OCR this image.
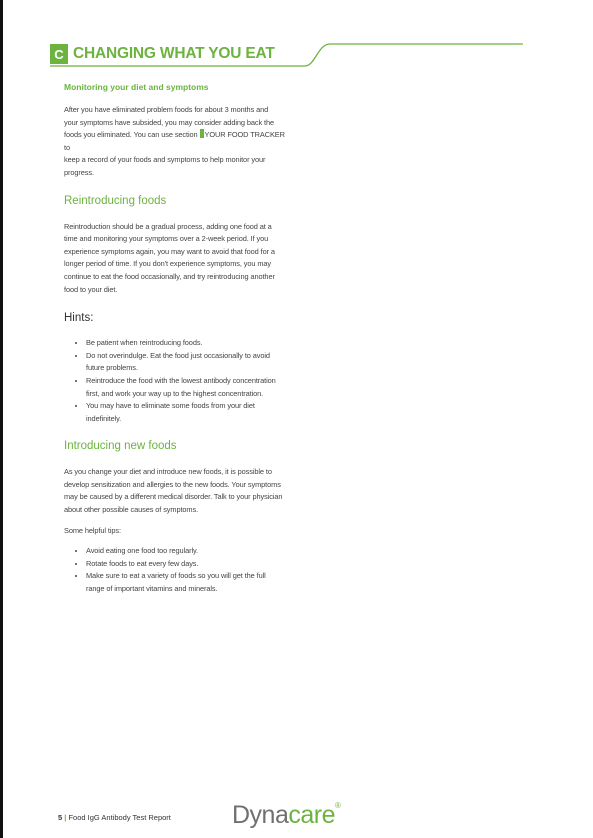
C CHANGING WHAT YOU EAT
Monitoring your diet and symptoms

After you have eliminated problem foods for about 3 months and
your symptoms have subsided, you may consider adding back the
foods you eliminated. You can use section YOUR FOOD TRACKER to
keep a record of your foods and symptoms to help monitor your
progress.

Reintroducing foods

Reintroduction should be a gradual process, adding one food at a
time and monitoring your symptoms over a 2-week period. If you
experience symptoms again, you may want to avoid that food for a
longer period of time. If you don't experience symptoms, you may
continue to eat the food occasionally, and try reintroducing another
food to your diet.

Hints:
• Be patient when reintroducing foods.
• Do not overindulge. Eat the food just occasionally to avoid
future problems.
• Reintroduce the food with the lowest antibody concentration
first, and work your way up to the highest concentration.
• You may have to eliminate some foods from your diet
indefinitely.
Introducing new foods

As you change your diet and introduce new foods, it is possible to
develop sensitization and allergies to the new foods. Your symptoms
may be caused by a different medical disorder. Talk to your physician
about other possible causes of symptoms.

Some helpful tips:

• Avoid eating one food too regularly.
• Rotate foods to eat every few days.
• Make sure to eat a variety of foods so you will get the full
range of important vitamins and minerals.
5 | Food IgG Antibody Test Report Dynacare®
